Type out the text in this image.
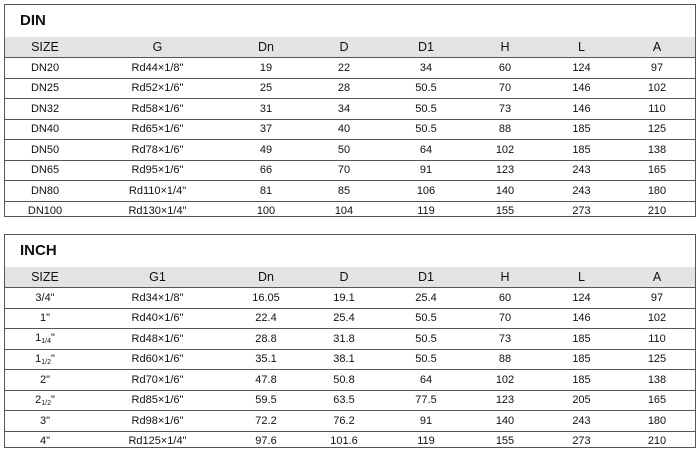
DIN
SIZE	G	Dn	D	D1	H	L	A
DN20	Rd44×1/8"	19	22	34	60	124	97
DN25	Rd52×1/6"	25	28	50.5	70	146	102
DN32	Rd58×1/6"	31	34	50.5	73	146	110
DN40	Rd65×1/6"	37	40	50.5	88	185	125
DN50	Rd78×1/6"	49	50	64	102	185	138
DN65	Rd95×1/6"	66	70	91	123	243	165
DN80	Rd110×1/4"	81	85	106	140	243	180
DN100	Rd130×1/4"	100	104	119	155	273	210
INCH
SIZE	G1	Dn	D	D1	H	L	A
3/4"	Rd34×1/8"	16.05	19.1	25.4	60	124	97
1"	Rd40×1/6"	22.4	25.4	50.5	70	146	102
$1_{1/4}$"	Rd48×1/6"	28.8	31.8	50.5	73	185	110
$1_{1/2}$"	Rd60×1/6"	35.1	38.1	50.5	88	185	125
2"	Rd70×1/6"	47.8	50.8	64	102	185	138
$2_{1/2}$"	Rd85×1/6"	59.5	63.5	77.5	123	205	165
3"	Rd98×1/6"	72.2	76.2	91	140	243	180
4"	Rd125×1/4"	97.6	101.6	119	155	273	210
